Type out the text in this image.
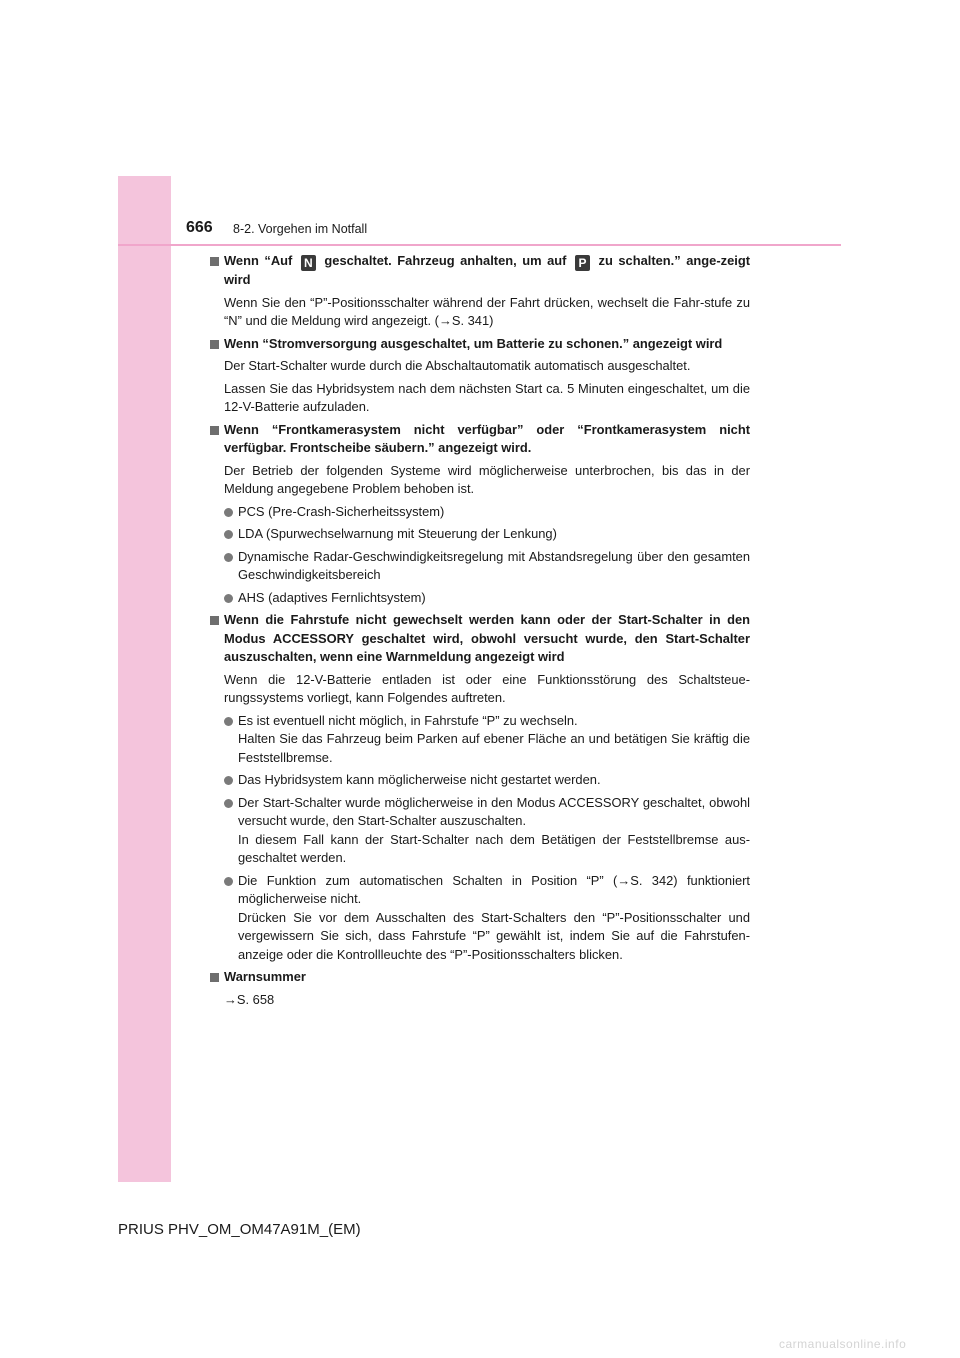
666 8-2. Vorgehen im Notfall
Wenn “Auf N geschaltet. Fahrzeug anhalten, um auf P zu schalten.” ange-zeigt wird

Wenn Sie den “P”-Positionsschalter während der Fahrt drücken, wechselt die Fahr-stufe zu “N” und die Meldung wird angezeigt. (→S. 341)

Wenn “Stromversorgung ausgeschaltet, um Batterie zu schonen.” angezeigt wird

Der Start-Schalter wurde durch die Abschaltautomatik automatisch ausgeschaltet.

Lassen Sie das Hybridsystem nach dem nächsten Start ca. 5 Minuten eingeschaltet, um die 12-V-Batterie aufzuladen.

Wenn “Frontkamerasystem nicht verfügbar” oder “Frontkamerasystem nicht verfügbar. Frontscheibe säubern.” angezeigt wird.

Der Betrieb der folgenden Systeme wird möglicherweise unterbrochen, bis das in der Meldung angegebene Problem behoben ist.

PCS (Pre-Crash-Sicherheitssystem)
LDA (Spurwechselwarnung mit Steuerung der Lenkung)
Dynamische Radar-Geschwindigkeitsregelung mit Abstandsregelung über den gesamten Geschwindigkeitsbereich
AHS (adaptives Fernlichtsystem)
Wenn die Fahrstufe nicht gewechselt werden kann oder der Start-Schalter in den Modus ACCESSORY geschaltet wird, obwohl versucht wurde, den Start-Schalter auszuschalten, wenn eine Warnmeldung angezeigt wird

Wenn die 12-V-Batterie entladen ist oder eine Funktionsstörung des Schaltsteue-rungssystems vorliegt, kann Folgendes auftreten.

Es ist eventuell nicht möglich, in Fahrstufe “P” zu wechseln.
Halten Sie das Fahrzeug beim Parken auf ebener Fläche an und betätigen Sie kräftig die Feststellbremse.
Das Hybridsystem kann möglicherweise nicht gestartet werden.
Der Start-Schalter wurde möglicherweise in den Modus ACCESSORY geschaltet, obwohl versucht wurde, den Start-Schalter auszuschalten.
In diesem Fall kann der Start-Schalter nach dem Betätigen der Feststellbremse aus-geschaltet werden.
Die Funktion zum automatischen Schalten in Position “P” (→S. 342) funktioniert möglicherweise nicht.
Drücken Sie vor dem Ausschalten des Start-Schalters den “P”-Positionsschalter und vergewissern Sie sich, dass Fahrstufe “P” gewählt ist, indem Sie auf die Fahrstufen-anzeige oder die Kontrollleuchte des “P”-Positionsschalters blicken.
Warnsummer

→S. 658

PRIUS PHV_OM_OM47A91M_(EM)
carmanualsonline.info
